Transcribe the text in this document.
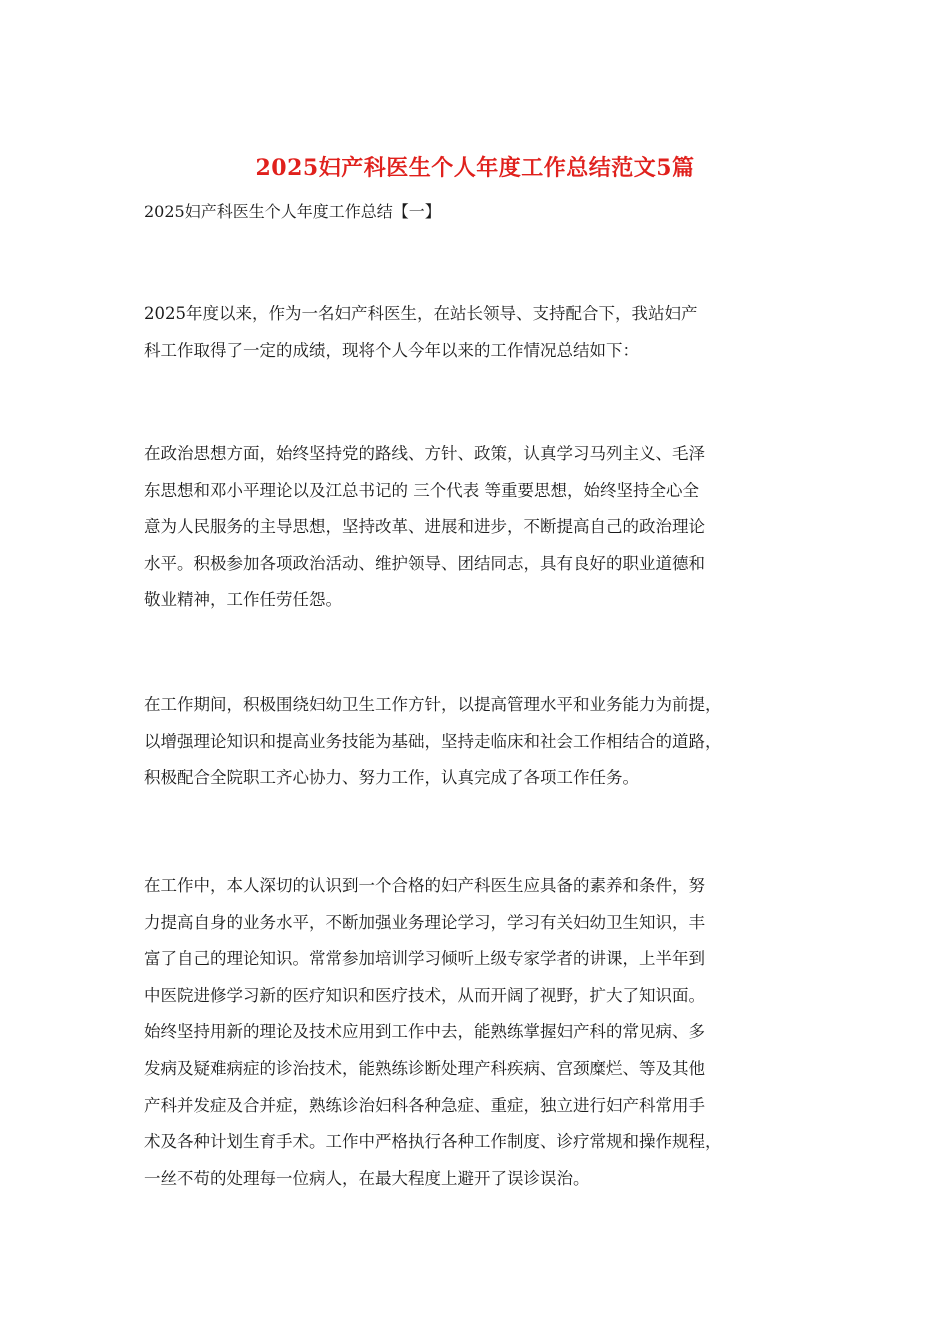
2025妇产科医生个人年度工作总结范文5篇

2025妇产科医生个人年度工作总结【一】

2025年度以来，作为一名妇产科医生，在站长领导、支持配合下，我站妇产
科工作取得了一定的成绩，现将个人今年以来的工作情况总结如下：

在政治思想方面，始终坚持党的路线、方针、政策，认真学习马列主义、毛泽
东思想和邓小平理论以及江总书记的 三个代表 等重要思想，始终坚持全心全
意为人民服务的主导思想，坚持改革、进展和进步，不断提高自己的政治理论
水平。积极参加各项政治活动、维护领导、团结同志，具有良好的职业道德和
敬业精神，工作任劳任怨。

在工作期间，积极围绕妇幼卫生工作方针，以提高管理水平和业务能力为前提，
以增强理论知识和提高业务技能为基础，坚持走临床和社会工作相结合的道路，
积极配合全院职工齐心协力、努力工作，认真完成了各项工作任务。

在工作中，本人深切的认识到一个合格的妇产科医生应具备的素养和条件，努
力提高自身的业务水平，不断加强业务理论学习，学习有关妇幼卫生知识，丰
富了自己的理论知识。常常参加培训学习倾听上级专家学者的讲课，上半年到
中医院进修学习新的医疗知识和医疗技术，从而开阔了视野，扩大了知识面。
始终坚持用新的理论及技术应用到工作中去，能熟练掌握妇产科的常见病、多
发病及疑难病症的诊治技术，能熟练诊断处理产科疾病、宫颈糜烂、等及其他
产科并发症及合并症，熟练诊治妇科各种急症、重症，独立进行妇产科常用手
术及各种计划生育手术。工作中严格执行各种工作制度、诊疗常规和操作规程，
一丝不苟的处理每一位病人，在最大程度上避开了误诊误治。
